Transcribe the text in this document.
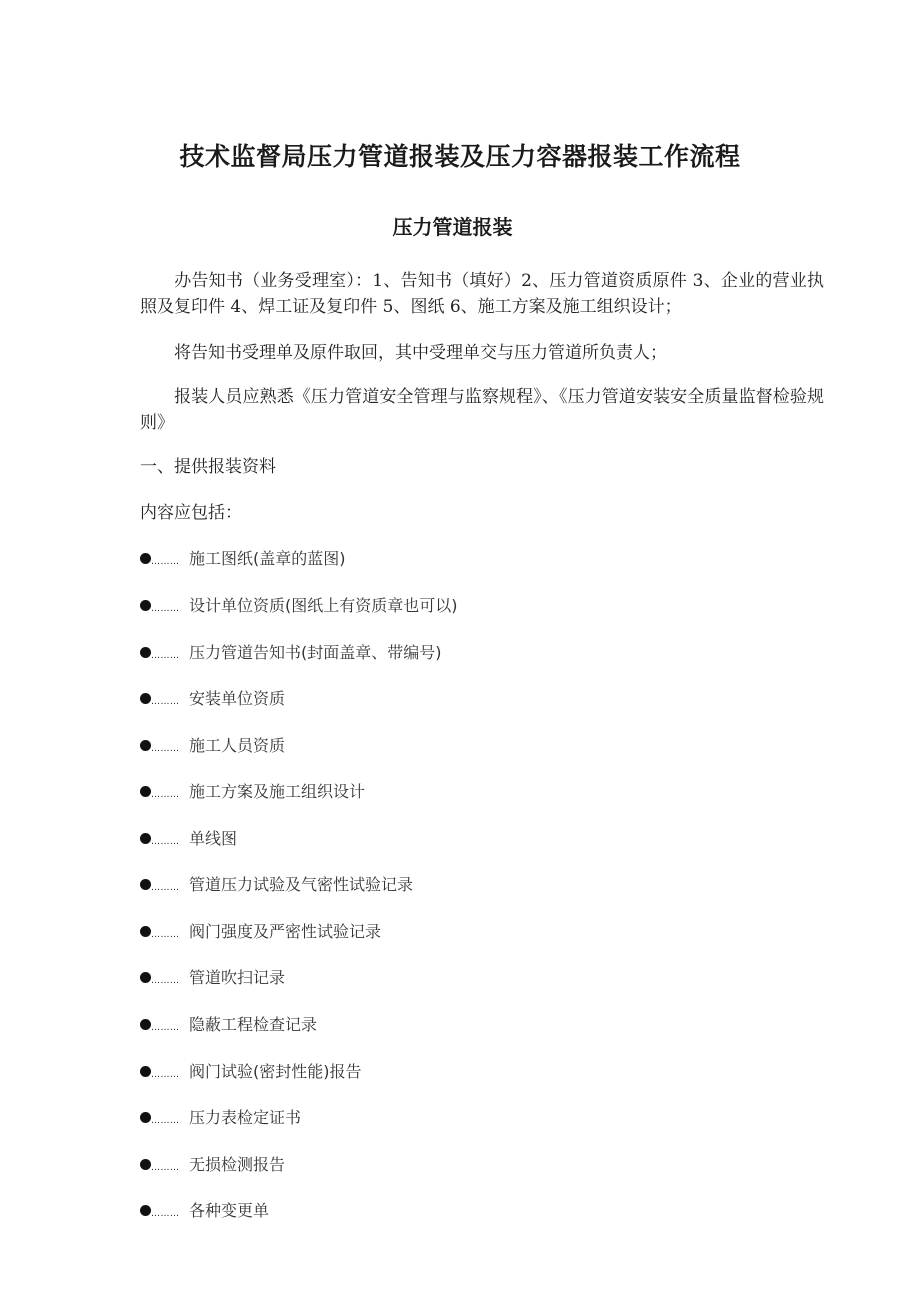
技术监督局压力管道报装及压力容器报装工作流程
压力管道报装
办告知书（业务受理室）：1、告知书（填好）2、压力管道资质原件 3、企业的营业执照及复印件 4、焊工证及复印件 5、图纸 6、施工方案及施工组织设计；
将告知书受理单及原件取回，其中受理单交与压力管道所负责人；
报装人员应熟悉《压力管道安全管理与监察规程》、《压力管道安装安全质量监督检验规则》
一、提供报装资料
内容应包括：
……… 施工图纸(盖章的蓝图)
……… 设计单位资质(图纸上有资质章也可以)
……… 压力管道告知书(封面盖章、带编号)
……… 安装单位资质
……… 施工人员资质
……… 施工方案及施工组织设计
……… 单线图
……… 管道压力试验及气密性试验记录
……… 阀门强度及严密性试验记录
……… 管道吹扫记录
……… 隐蔽工程检查记录
……… 阀门试验(密封性能)报告
……… 压力表检定证书
……… 无损检测报告
……… 各种变更单
